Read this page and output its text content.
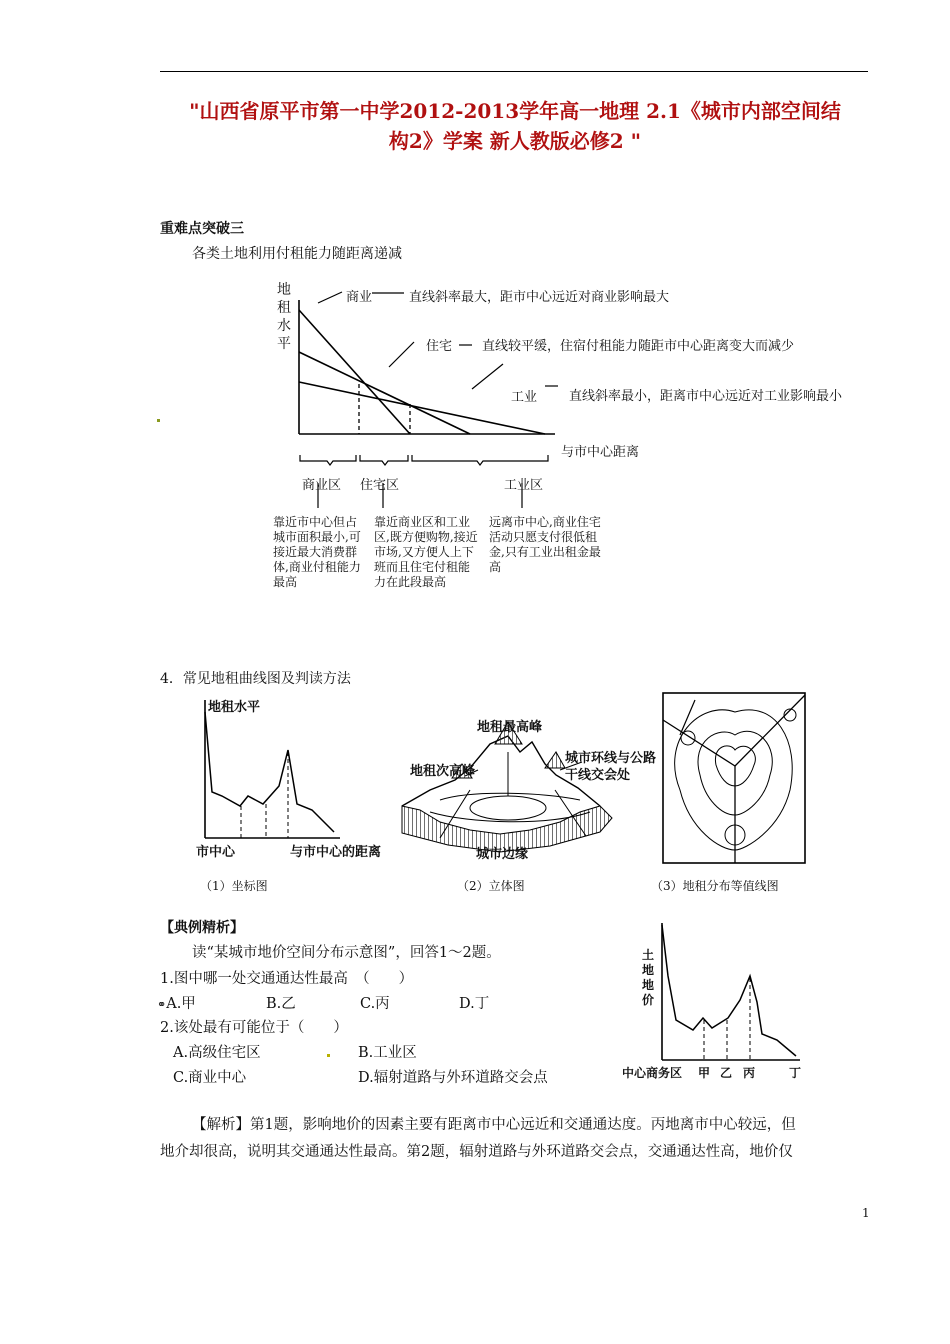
"山西省原平市第一中学2012-2013学年高一地理 2.1《城市内部空间结
构2》学案 新人教版必修2 "
重难点突破三
各类土地利用付租能力随距离递减
地
租
水
平
商业	直线斜率最大，距市中心远近对商业影响最大
住宅 直线较平缓，住宿付租能力随距市中心距离变大而减少
工业 直线斜率最小，距离市中心远近对工业影响最小
与市中心距离
商业区 住宅区	工业区
靠近市中心但占城市面积最小,可接近最大消费群体,商业付租能力最高
靠近商业区和工业区,既方便购物,接近市场,又方便人上下班而且住宅付租能力在此段最高
远离市中心,商业住宅活动只愿支付很低租金,只有工业出租金最高
4．常见地租曲线图及判读方法
地租水平
市中心	与市中心的距离
（1）坐标图
地租最高峰
地租次高峰
城市环线与公路干线交会处
城市边缘
（2）立体图	（3）地租分布等值线图
【典例精析】
读“某城市地价空间分布示意图”，回答1～2题。
1.图中哪一处交通通达性最高　（　　）
⚭A.甲	B.乙	C.丙	D.丁
2.该处最有可能位于（　　）
A.高级住宅区	B.工业区
C.商业中心	D.辐射道路与外环道路交会点
土
地
地
价
中心商务区 甲 乙 丙	丁
【解析】第1题，影响地价的因素主要有距离市中心远近和交通通达度。丙地离市中心较远，但
地介却很高，说明其交通通达性最高。第2题，辐射道路与外环道路交会点，交通通达性高，地价仅
1
